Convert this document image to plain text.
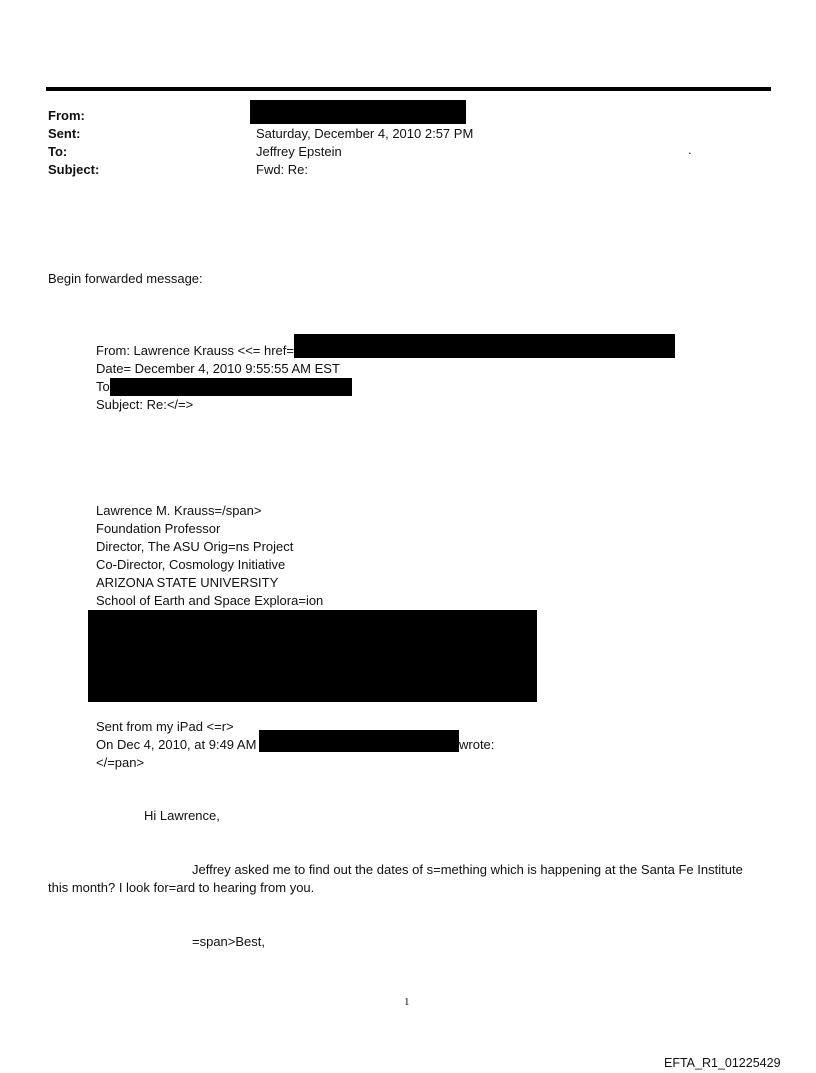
From:
Sent:	Saturday, December 4, 2010 2:57 PM
To:	Jeffrey Epstein	.
Subject:	Fwd: Re:
Begin forwarded message:
From: Lawrence Krauss <<= href=
Date= December 4, 2010 9:55:55 AM EST
To
Subject: Re:</=>
Lawrence M. Krauss=/span>
Foundation Professor
Director, The ASU Orig=ns Project
Co-Director, Cosmology Initiative
ARIZONA STATE UNIVERSITY
School of Earth and Space Explora=ion
Sent from my iPad <=r>
On Dec 4, 2010, at 9:49 AM	wrote:
</=pan>
Hi Lawrence,
Jeffrey asked me to find out the dates of s=mething which is happening at the Santa Fe Institute
this month? I look for=ard to hearing from you.
=span>Best,
1
EFTA_R1_01225429
